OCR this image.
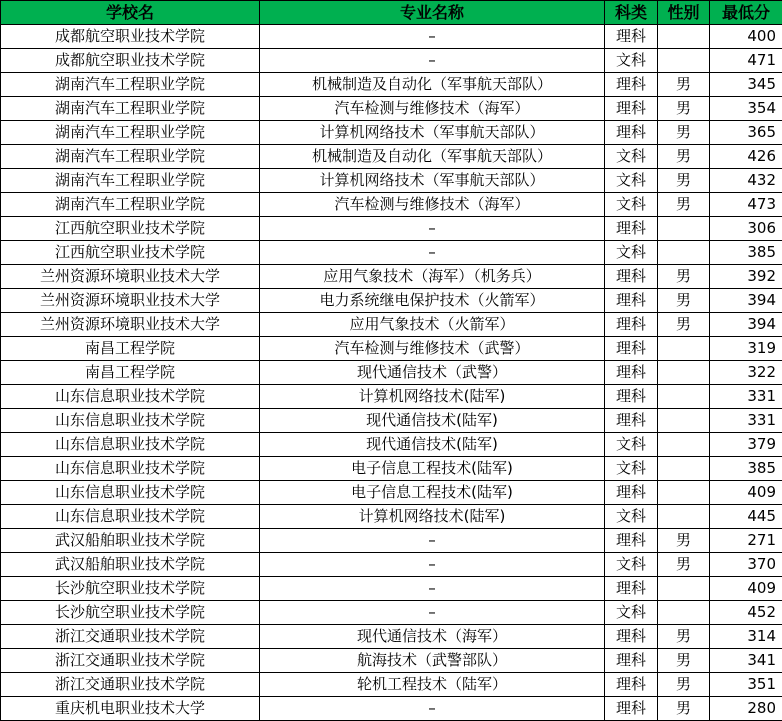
学校名	专业名称	科类	性别	最低分
成都航空职业技术学院	–	理科		400
成都航空职业技术学院	–	文科		471
湖南汽车工程职业学院	机械制造及自动化（军事航天部队）	理科	男	345
湖南汽车工程职业学院	汽车检测与维修技术（海军）	理科	男	354
湖南汽车工程职业学院	计算机网络技术（军事航天部队）	理科	男	365
湖南汽车工程职业学院	机械制造及自动化（军事航天部队）	文科	男	426
湖南汽车工程职业学院	计算机网络技术（军事航天部队）	文科	男	432
湖南汽车工程职业学院	汽车检测与维修技术（海军）	文科	男	473
江西航空职业技术学院	–	理科		306
江西航空职业技术学院	–	文科		385
兰州资源环境职业技术大学	应用气象技术（海军）（机务兵）	理科	男	392
兰州资源环境职业技术大学	电力系统继电保护技术（火箭军）	理科	男	394
兰州资源环境职业技术大学	应用气象技术（火箭军）	理科	男	394
南昌工程学院	汽车检测与维修技术（武警）	理科		319
南昌工程学院	现代通信技术（武警）	理科		322
山东信息职业技术学院	计算机网络技术(陆军)	理科		331
山东信息职业技术学院	现代通信技术(陆军)	理科		331
山东信息职业技术学院	现代通信技术(陆军)	文科		379
山东信息职业技术学院	电子信息工程技术(陆军)	文科		385
山东信息职业技术学院	电子信息工程技术(陆军)	理科		409
山东信息职业技术学院	计算机网络技术(陆军)	文科		445
武汉船舶职业技术学院	–	理科	男	271
武汉船舶职业技术学院	–	文科	男	370
长沙航空职业技术学院	–	理科		409
长沙航空职业技术学院	–	文科		452
浙江交通职业技术学院	现代通信技术（海军）	理科	男	314
浙江交通职业技术学院	航海技术（武警部队）	理科	男	341
浙江交通职业技术学院	轮机工程技术（陆军）	理科	男	351
重庆机电职业技术大学	–	理科	男	280
